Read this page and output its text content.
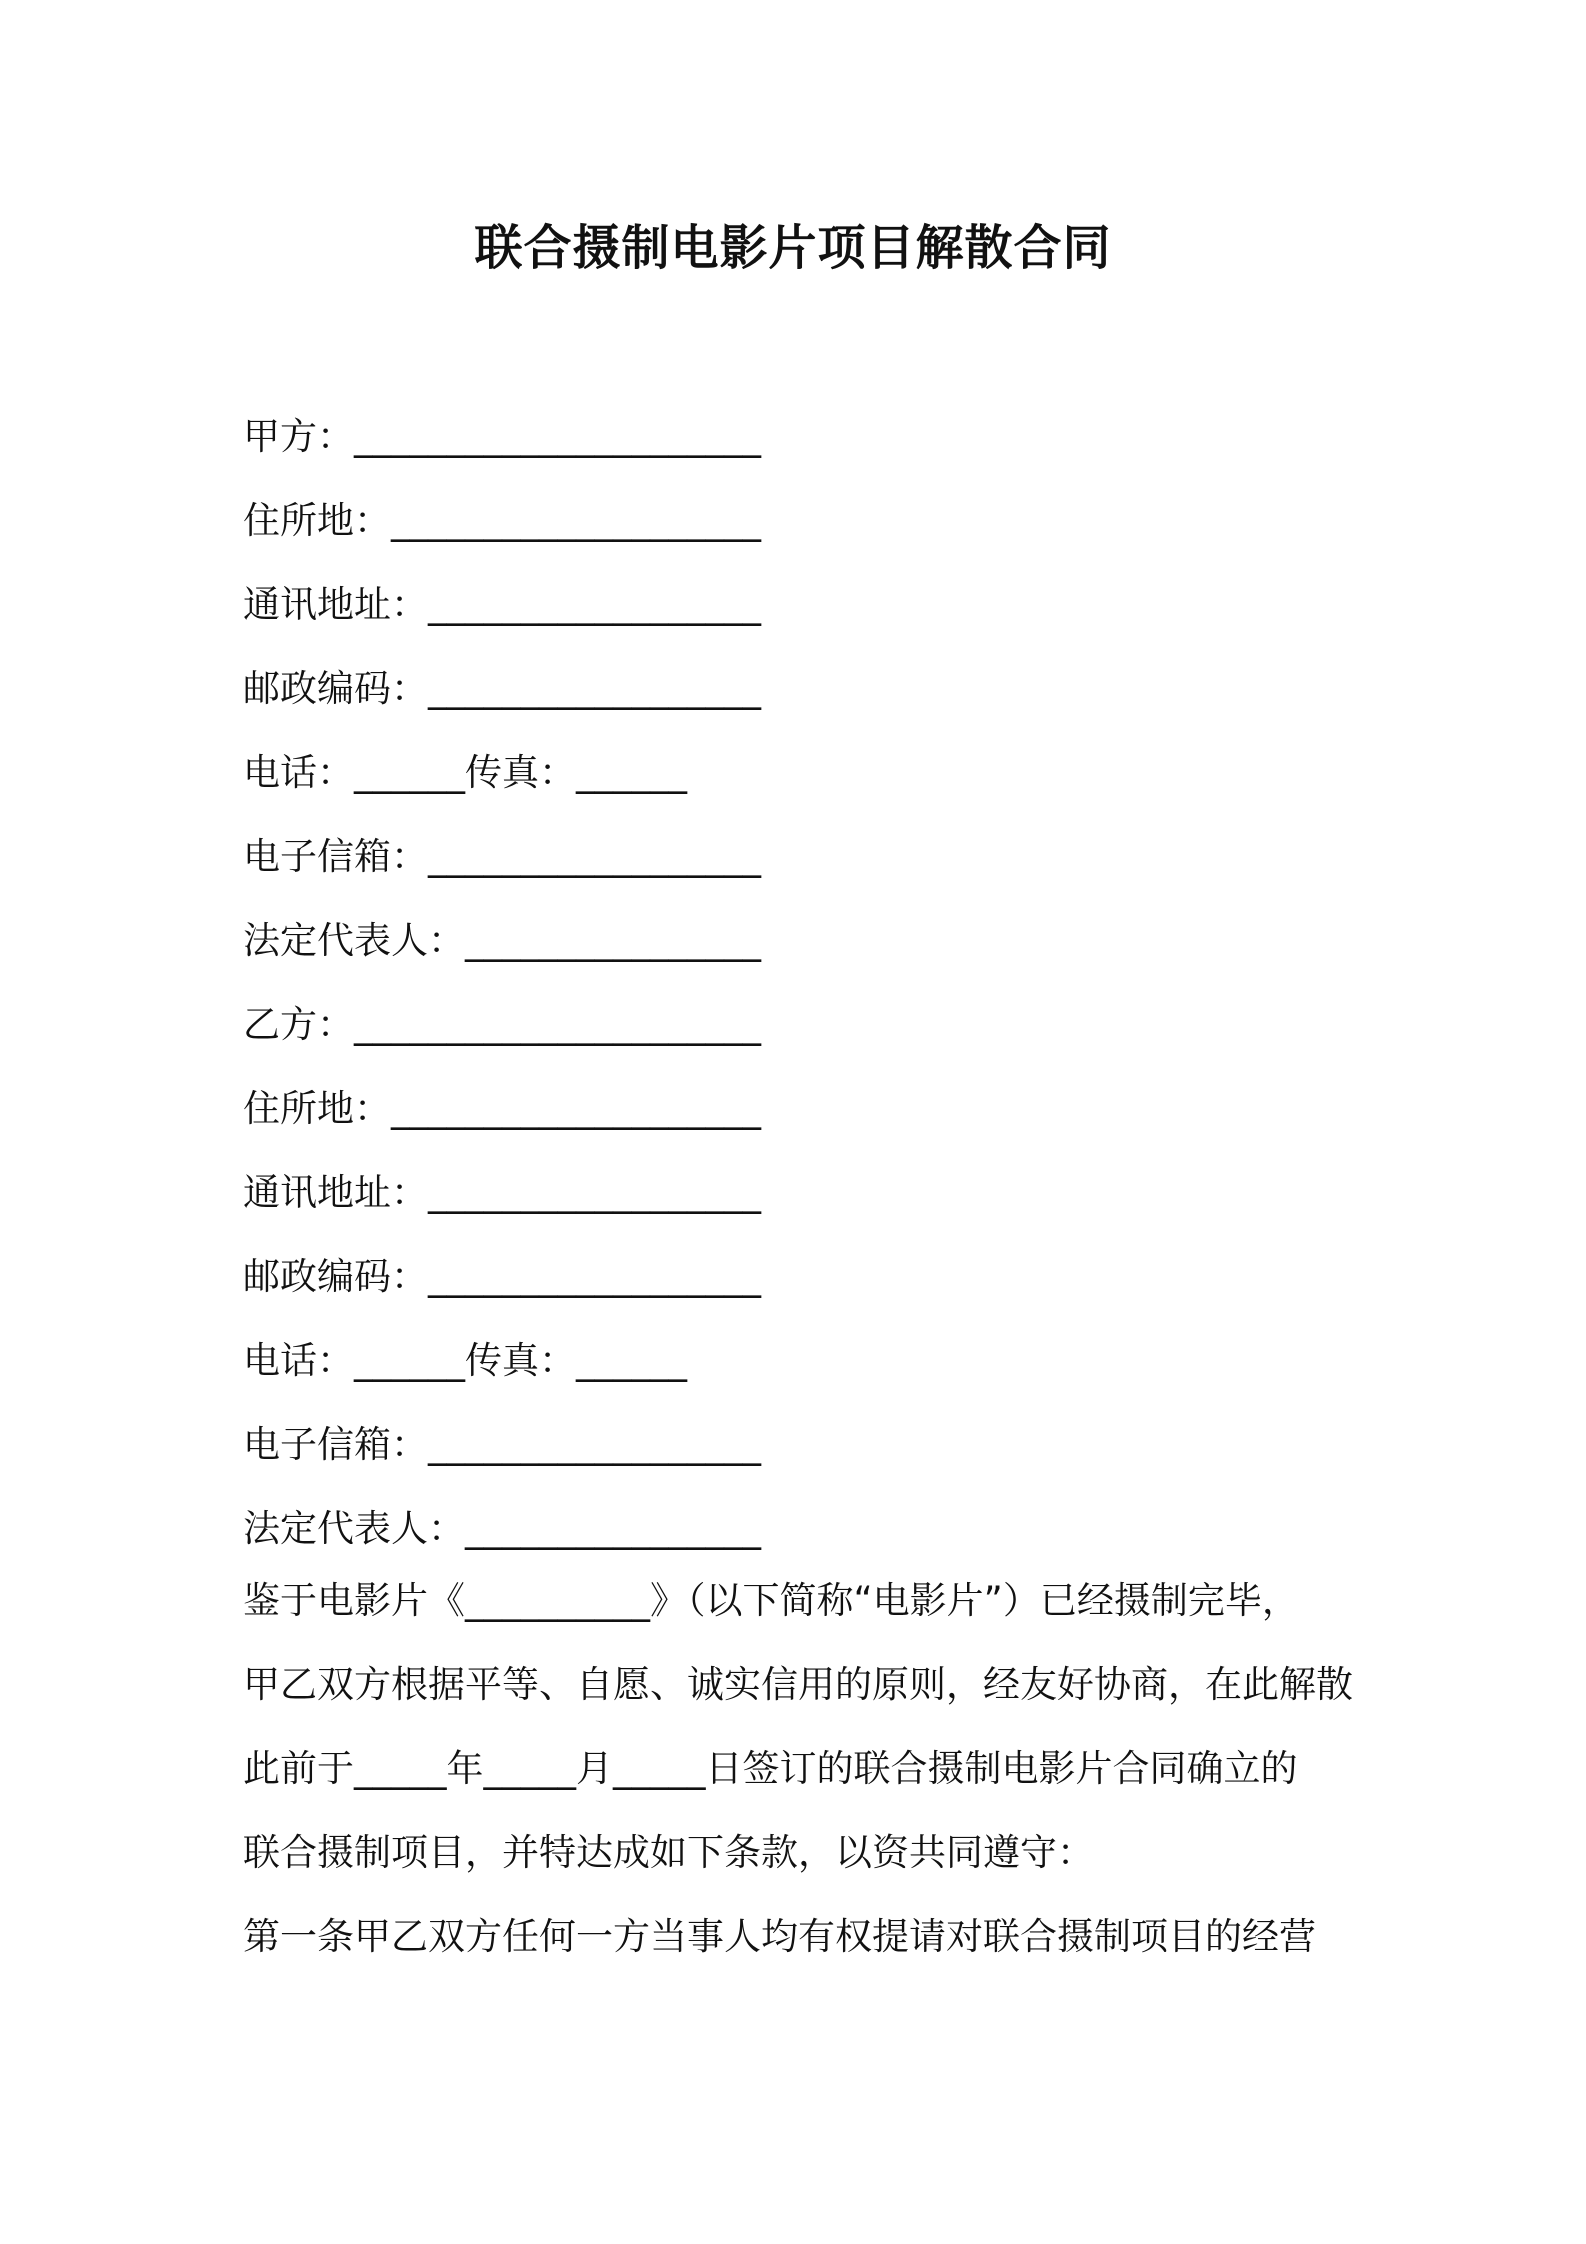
联合摄制电影片项目解散合同
甲方：______________________
住所地：____________________
通讯地址：__________________
邮政编码：__________________
电话：______传真：______
电子信箱：__________________
法定代表人：________________
乙方：______________________
住所地：____________________
通讯地址：__________________
邮政编码：__________________
电话：______传真：______
电子信箱：__________________
法定代表人：________________
鉴于电影片《__________》（以下简称“电影片”）已经摄制完毕，
甲乙双方根据平等、自愿、诚实信用的原则，经友好协商，在此解散
此前于_____年_____月_____日签订的联合摄制电影片合同确立的
联合摄制项目，并特达成如下条款，以资共同遵守：
第一条甲乙双方任何一方当事人均有权提请对联合摄制项目的经营
